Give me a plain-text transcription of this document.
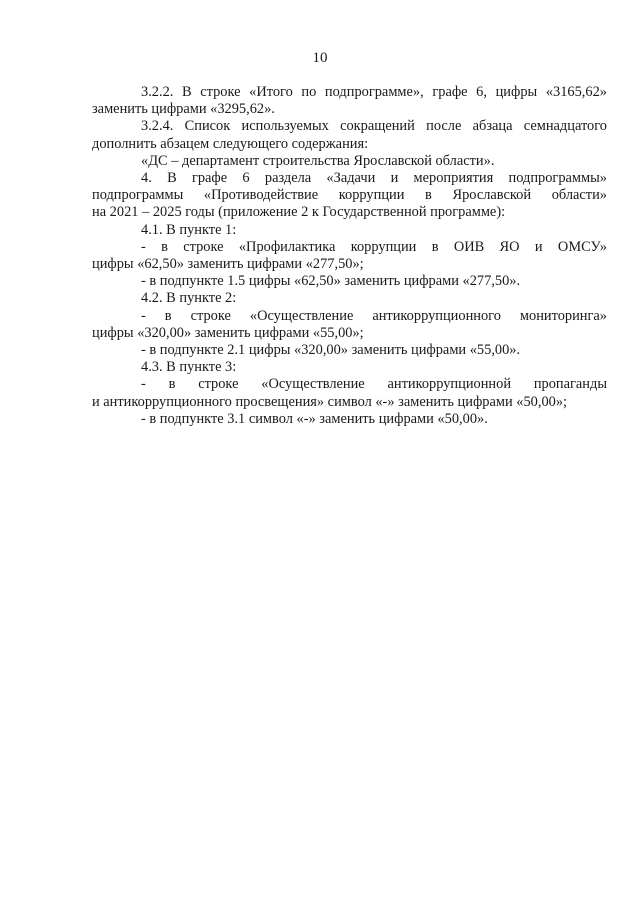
10
3.2.2. В строке «Итого по подпрограмме», графе 6, цифры «3165,62»
заменить цифрами «3295,62».
3.2.4. Список используемых сокращений после абзаца семнадцатого
дополнить абзацем следующего содержания:
«ДС – департамент строительства Ярославской области».
4. В графе 6 раздела «Задачи и мероприятия подпрограммы»
подпрограммы «Противодействие коррупции в Ярославской области»
на 2021 – 2025 годы (приложение 2 к Государственной программе):
4.1. В пункте 1:
- в строке «Профилактика коррупции в ОИВ ЯО и ОМСУ»
цифры «62,50» заменить цифрами «277,50»;
- в подпункте 1.5 цифры «62,50» заменить цифрами «277,50».
4.2. В пункте 2:
- в строке «Осуществление антикоррупционного мониторинга»
цифры «320,00» заменить цифрами «55,00»;
- в подпункте 2.1 цифры «320,00» заменить цифрами «55,00».
4.3. В пункте 3:
- в строке «Осуществление антикоррупционной пропаганды
и антикоррупционного просвещения» символ «-» заменить цифрами «50,00»;
- в подпункте 3.1 символ «-» заменить цифрами «50,00».
